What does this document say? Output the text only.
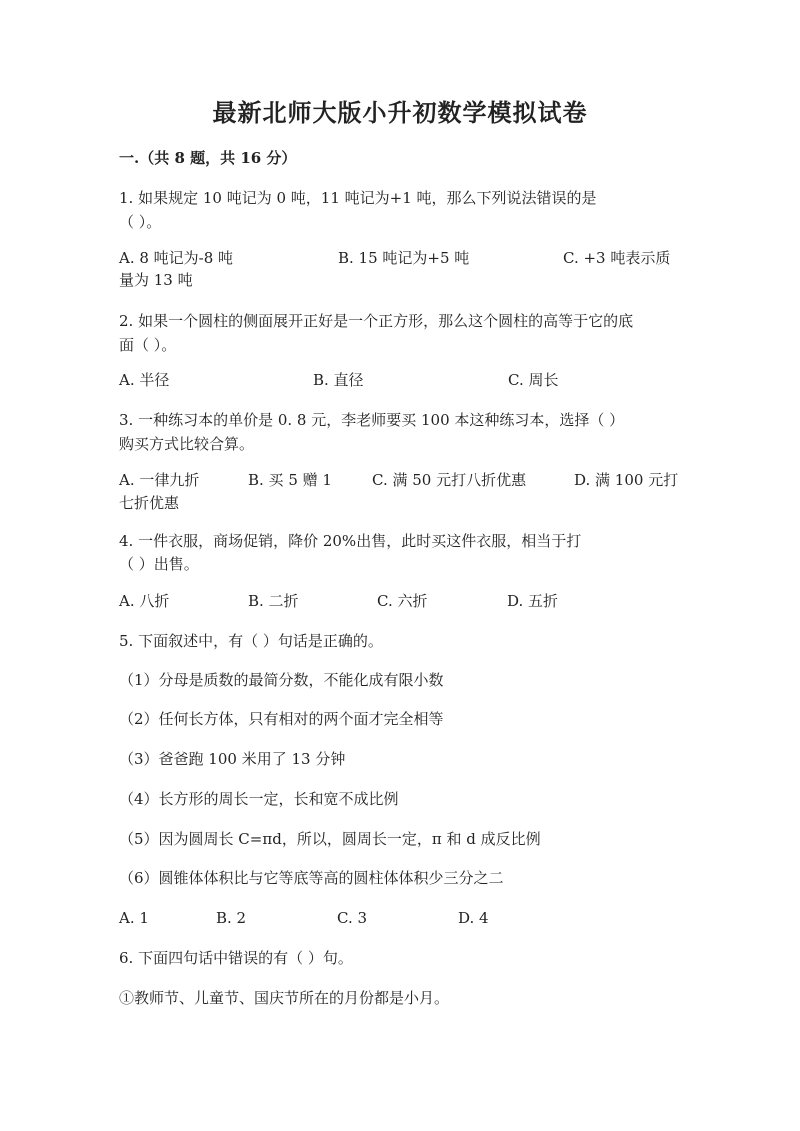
最新北师大版小升初数学模拟试卷
一.（共 8 题，共 16 分）
1. 如果规定 10 吨记为 0 吨，11 吨记为+1 吨，那么下列说法错误的是
（ ）。
A. 8 吨记为-8 吨	B. 15 吨记为+5 吨	C. +3 吨表示质
量为 13 吨
2. 如果一个圆柱的侧面展开正好是一个正方形，那么这个圆柱的高等于它的底
面（ ）。
A. 半径	B. 直径	C. 周长
3. 一种练习本的单价是 0. 8 元，李老师要买 100 本这种练习本，选择（ ）
购买方式比较合算。
A. 一律九折	B. 买 5 赠 1	C. 满 50 元打八折优惠	D. 满 100 元打
七折优惠
4. 一件衣服，商场促销，降价 20%出售，此时买这件衣服，相当于打
（ ）出售。
A. 八折	B. 二折	C. 六折	D. 五折
5. 下面叙述中，有（ ）句话是正确的。
（1）分母是质数的最简分数，不能化成有限小数
（2）任何长方体，只有相对的两个面才完全相等
（3）爸爸跑 100 米用了 13 分钟
（4）长方形的周长一定，长和宽不成比例
（5）因为圆周长 C=πd，所以，圆周长一定，π 和 d 成反比例
（6）圆锥体体积比与它等底等高的圆柱体体积少三分之二
A. 1	B. 2	C. 3	D. 4
6. 下面四句话中错误的有（ ）句。
①教师节、儿童节、国庆节所在的月份都是小月。
